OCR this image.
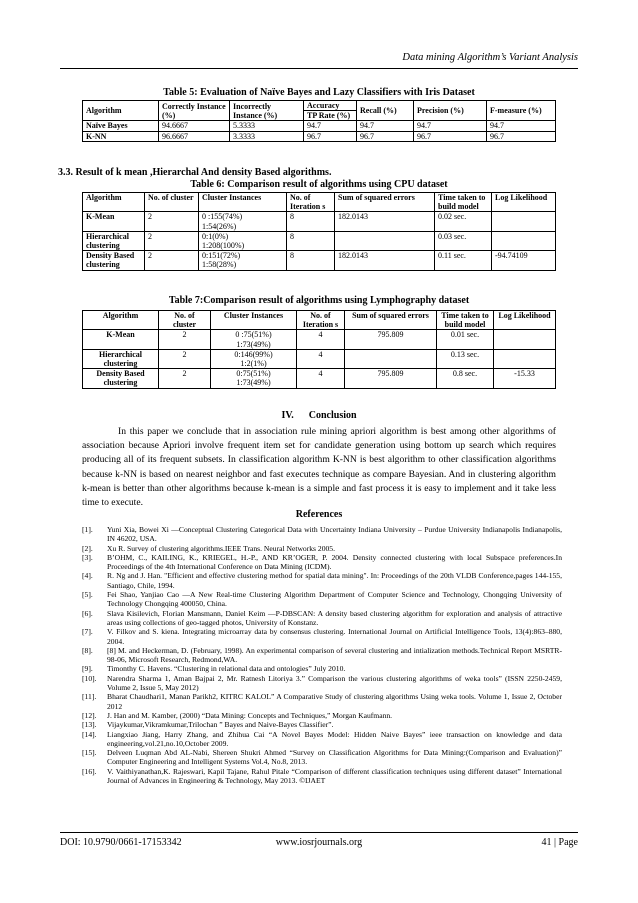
Data mining Algorithm’s Variant Analysis
Table 5: Evaluation of Naïve Bayes and Lazy Classifiers with Iris Dataset
Algorithm	Correctly Instance (%)	Incorrectly Instance (%)	Accuracy	Recall (%)	Precision (%)	F-measure (%)
			TP Rate (%)			
Naïve Bayes	94.6667	5.3333	94.7	94.7	94.7	94.7
K-NN	96.6667	3.3333	96.7	96.7	96.7	96.7
3.3. Result of k mean ,Hierarchal And density Based algorithms.
Table 6: Comparison result of algorithms using CPU dataset
Algorithm	No. of cluster	Cluster Instances	No. of Iteration s	Sum of squared errors	Time taken to build model	Log Likelihood
K-Mean	2	0 :155(74%)
1:54(26%)	8	182.0143	0.02 sec.	
Hierarchical clustering	2	0:1(0%)
1:208(100%)	8		0.03 sec.	
Density Based clustering	2	0:151(72%)
1:58(28%)	8	182.0143	0.11 sec.	-94.74109
Table 7:Comparison result of algorithms using Lymphography dataset
Algorithm	No. of cluster	Cluster Instances	No. of Iteration s	Sum of squared errors	Time taken to build model	Log Likelihood
K-Mean	2	0 :75(51%)
1:73(49%)	4	795.809	0.01 sec.	
Hierarchical clustering	2	0:146(99%)
1:2(1%)	4		0.13 sec.	
Density Based clustering	2	0:75(51%)
1:73(49%)	4	795.809	0.8 sec.	-15.33
IV.      Conclusion
In this paper we conclude that in association rule mining apriori algorithm is best among other algorithms of association because Apriori involve frequent item set for candidate generation using bottom up search which requires producing all of its frequent subsets. In classification algorithm K-NN is best algorithm to other classification algorithms because k-NN is based on nearest neighbor and fast executes technique as compare Bayesian. And in clustering algorithm k-mean is better than other algorithms because k-mean is a simple and fast process it is easy to implement and it take less time to execute.
References
[1].	Yuni Xia, Bowei Xi ―Conceptual Clustering Categorical Data with Uncertainty Indiana University – Purdue University Indianapolis Indianapolis, IN 46202, USA.
[2].	Xu R. Survey of clustering algorithms.IEEE Trans. Neural Networks 2005.
[3].	B’OHM, C., KAILING, K., KRIEGEL, H.-P., AND KR’OGER, P. 2004. Density connected clustering with local Subspace preferences.In Proceedings of the 4th International Conference on Data Mining (ICDM).
[4].	R. Ng and J. Han. "Efficient and effective clustering method for spatial data mining". In: Proceedings of the 20th VLDB Conference,pages 144-155, Santiago, Chile, 1994.
[5].	Fei Shao, Yanjiao Cao ―A New Real-time Clustering Algorithm Department of Computer Science and Technology, Chongqing University of Technology Chongqing 400050, China.
[6].	Slava Kisilevich, Florian Mansmann, Daniel Keim ―P-DBSCAN: A density based clustering algorithm for exploration and analysis of attractive areas using collections of geo-tagged photos, University of Konstanz.
[7].	V. Filkov and S. kiena. Integrating microarray data by consensus clustering. International Journal on Artificial Intelligence Tools, 13(4):863–880, 2004.
[8].	[8] M. and Heckerman, D. (February, 1998). An experimental comparison of several clustering and intialization methods.Technical Report MSRTR-98-06, Microsoft Research, Redmond,WA.
[9].	Timonthy C. Havens. “Clustering in relational data and ontologies” July 2010.
[10].	Narendra Sharma 1, Aman Bajpai 2, Mr. Ratnesh Litoriya 3.” Comparison the various clustering algorithms of weka tools” (ISSN 2250-2459, Volume 2, Issue 5, May 2012)
[11].	Bharat Chaudhari1, Manan Parikh2, KITRC KALOL” A Comparative Study of clustering algorithms Using weka tools. Volume 1, Issue 2, October 2012
[12].	J. Han and M. Kamber, (2000) “Data Mining: Concepts and Techniques,” Morgan Kaufmann.
[13].	Vijaykumar,Vikramkumar,Trilochan ” Bayes and Naive-Bayes Classifier”.
[14].	Liangxiao Jiang, Harry Zhang, and Zhihua Cai “A Novel Bayes Model: Hidden Naive Bayes” ieee transaction on knowledge and data engineering,vol.21,no.10,October 2009.
[15].	Delveen Luqman Abd AL-Nabi, Shereen Shukri Ahmed “Survey on Classification Algorithms for Data Mining:(Comparison and Evaluation)” Computer Engineering and Intelligent Systems Vol.4, No.8, 2013.
[16].	V. Vaithiyanathan,K. Rajeswari, Kapil Tajane, Rahul Pitale “Comparison of different classification techniques using different dataset” International Journal of Advances in Engineering & Technology, May 2013. ©IJAET
DOI: 10.9790/0661-17153342	www.iosrjournals.org	41 | Page
